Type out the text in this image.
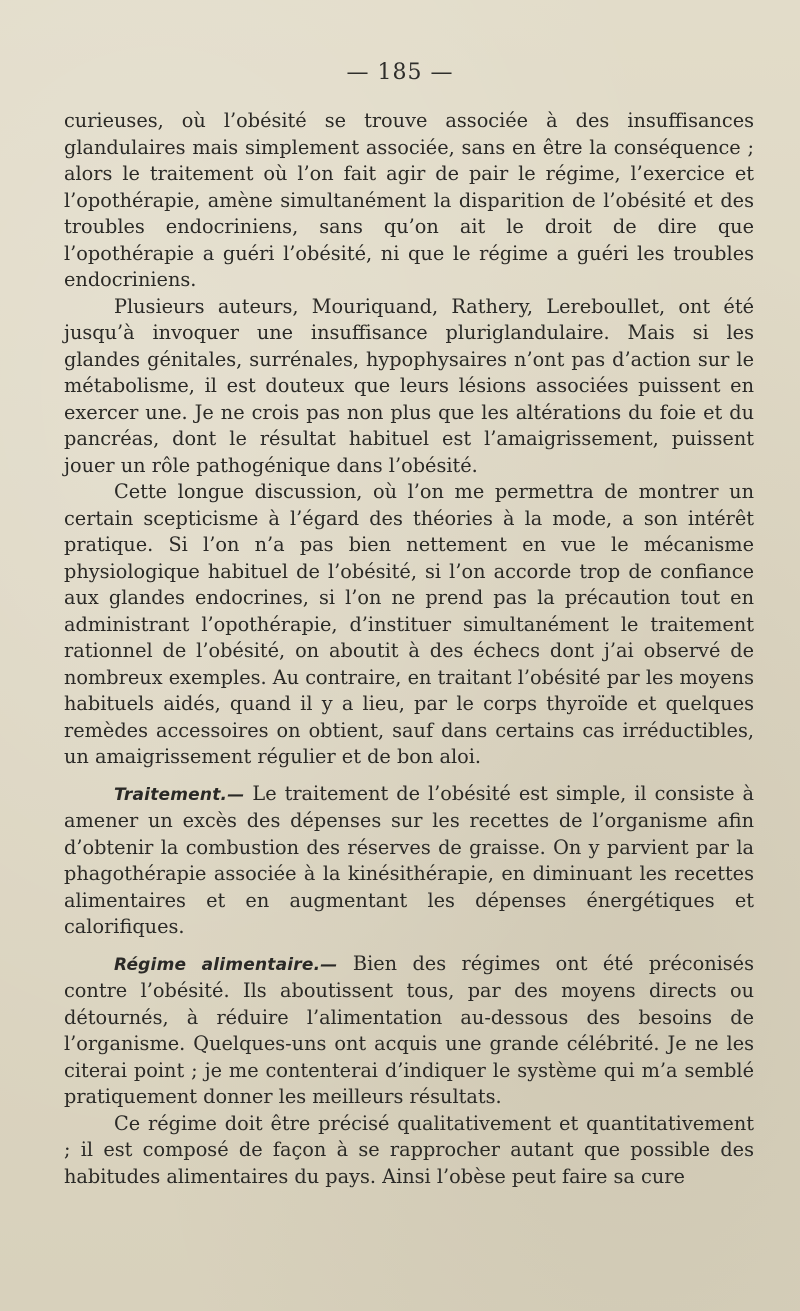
— 185 —

curieuses, où l’obésité se trouve associée à des insuffisances glandulaires mais simplement associée, sans en être la conséquence ; alors le traitement où l’on fait agir de pair le régime, l’exercice et l’opothérapie, amène simultanément la disparition de l’obésité et des troubles endocriniens, sans qu’on ait le droit de dire que l’opothérapie a guéri l’obésité, ni que le régime a guéri les troubles endocriniens.

Plusieurs auteurs, Mouriquand, Rathery, Lereboullet, ont été jusqu’à invoquer une insuffisance pluriglandulaire. Mais si les glandes génitales, surrénales, hypophysaires n’ont pas d’action sur le métabolisme, il est douteux que leurs lésions associées puissent en exercer une. Je ne crois pas non plus que les altérations du foie et du pancréas, dont le résultat habituel est l’amaigrissement, puissent jouer un rôle pathogénique dans l’obésité.

Cette longue discussion, où l’on me permettra de montrer un certain scepticisme à l’égard des théories à la mode, a son intérêt pratique. Si l’on n’a pas bien nettement en vue le mécanisme physiologique habituel de l’obésité, si l’on accorde trop de confiance aux glandes endocrines, si l’on ne prend pas la précaution tout en administrant l’opothérapie, d’instituer simultanément le traitement rationnel de l’obésité, on aboutit à des échecs dont j’ai observé de nombreux exemples. Au contraire, en traitant l’obésité par les moyens habituels aidés, quand il y a lieu, par le corps thyroïde et quelques remèdes accessoires on obtient, sauf dans certains cas irréductibles, un amaigrissement régulier et de bon aloi.

Traitement.— Le traitement de l’obésité est simple, il consiste à amener un excès des dépenses sur les recettes de l’organisme afin d’obtenir la combustion des réserves de graisse. On y parvient par la phagothérapie associée à la kinésithérapie, en diminuant les recettes alimentaires et en augmentant les dépenses énergétiques et calorifiques.

Régime alimentaire.— Bien des régimes ont été préconisés contre l’obésité. Ils aboutissent tous, par des moyens directs ou détournés, à réduire l’alimentation au-dessous des besoins de l’organisme. Quelques-uns ont acquis une grande célébrité. Je ne les citerai point ; je me contenterai d’indiquer le système qui m’a semblé pratiquement donner les meilleurs résultats.

Ce régime doit être précisé qualitativement et quantitativement ; il est composé de façon à se rapprocher autant que possible des habitudes alimentaires du pays. Ainsi l’obèse peut faire sa cure
